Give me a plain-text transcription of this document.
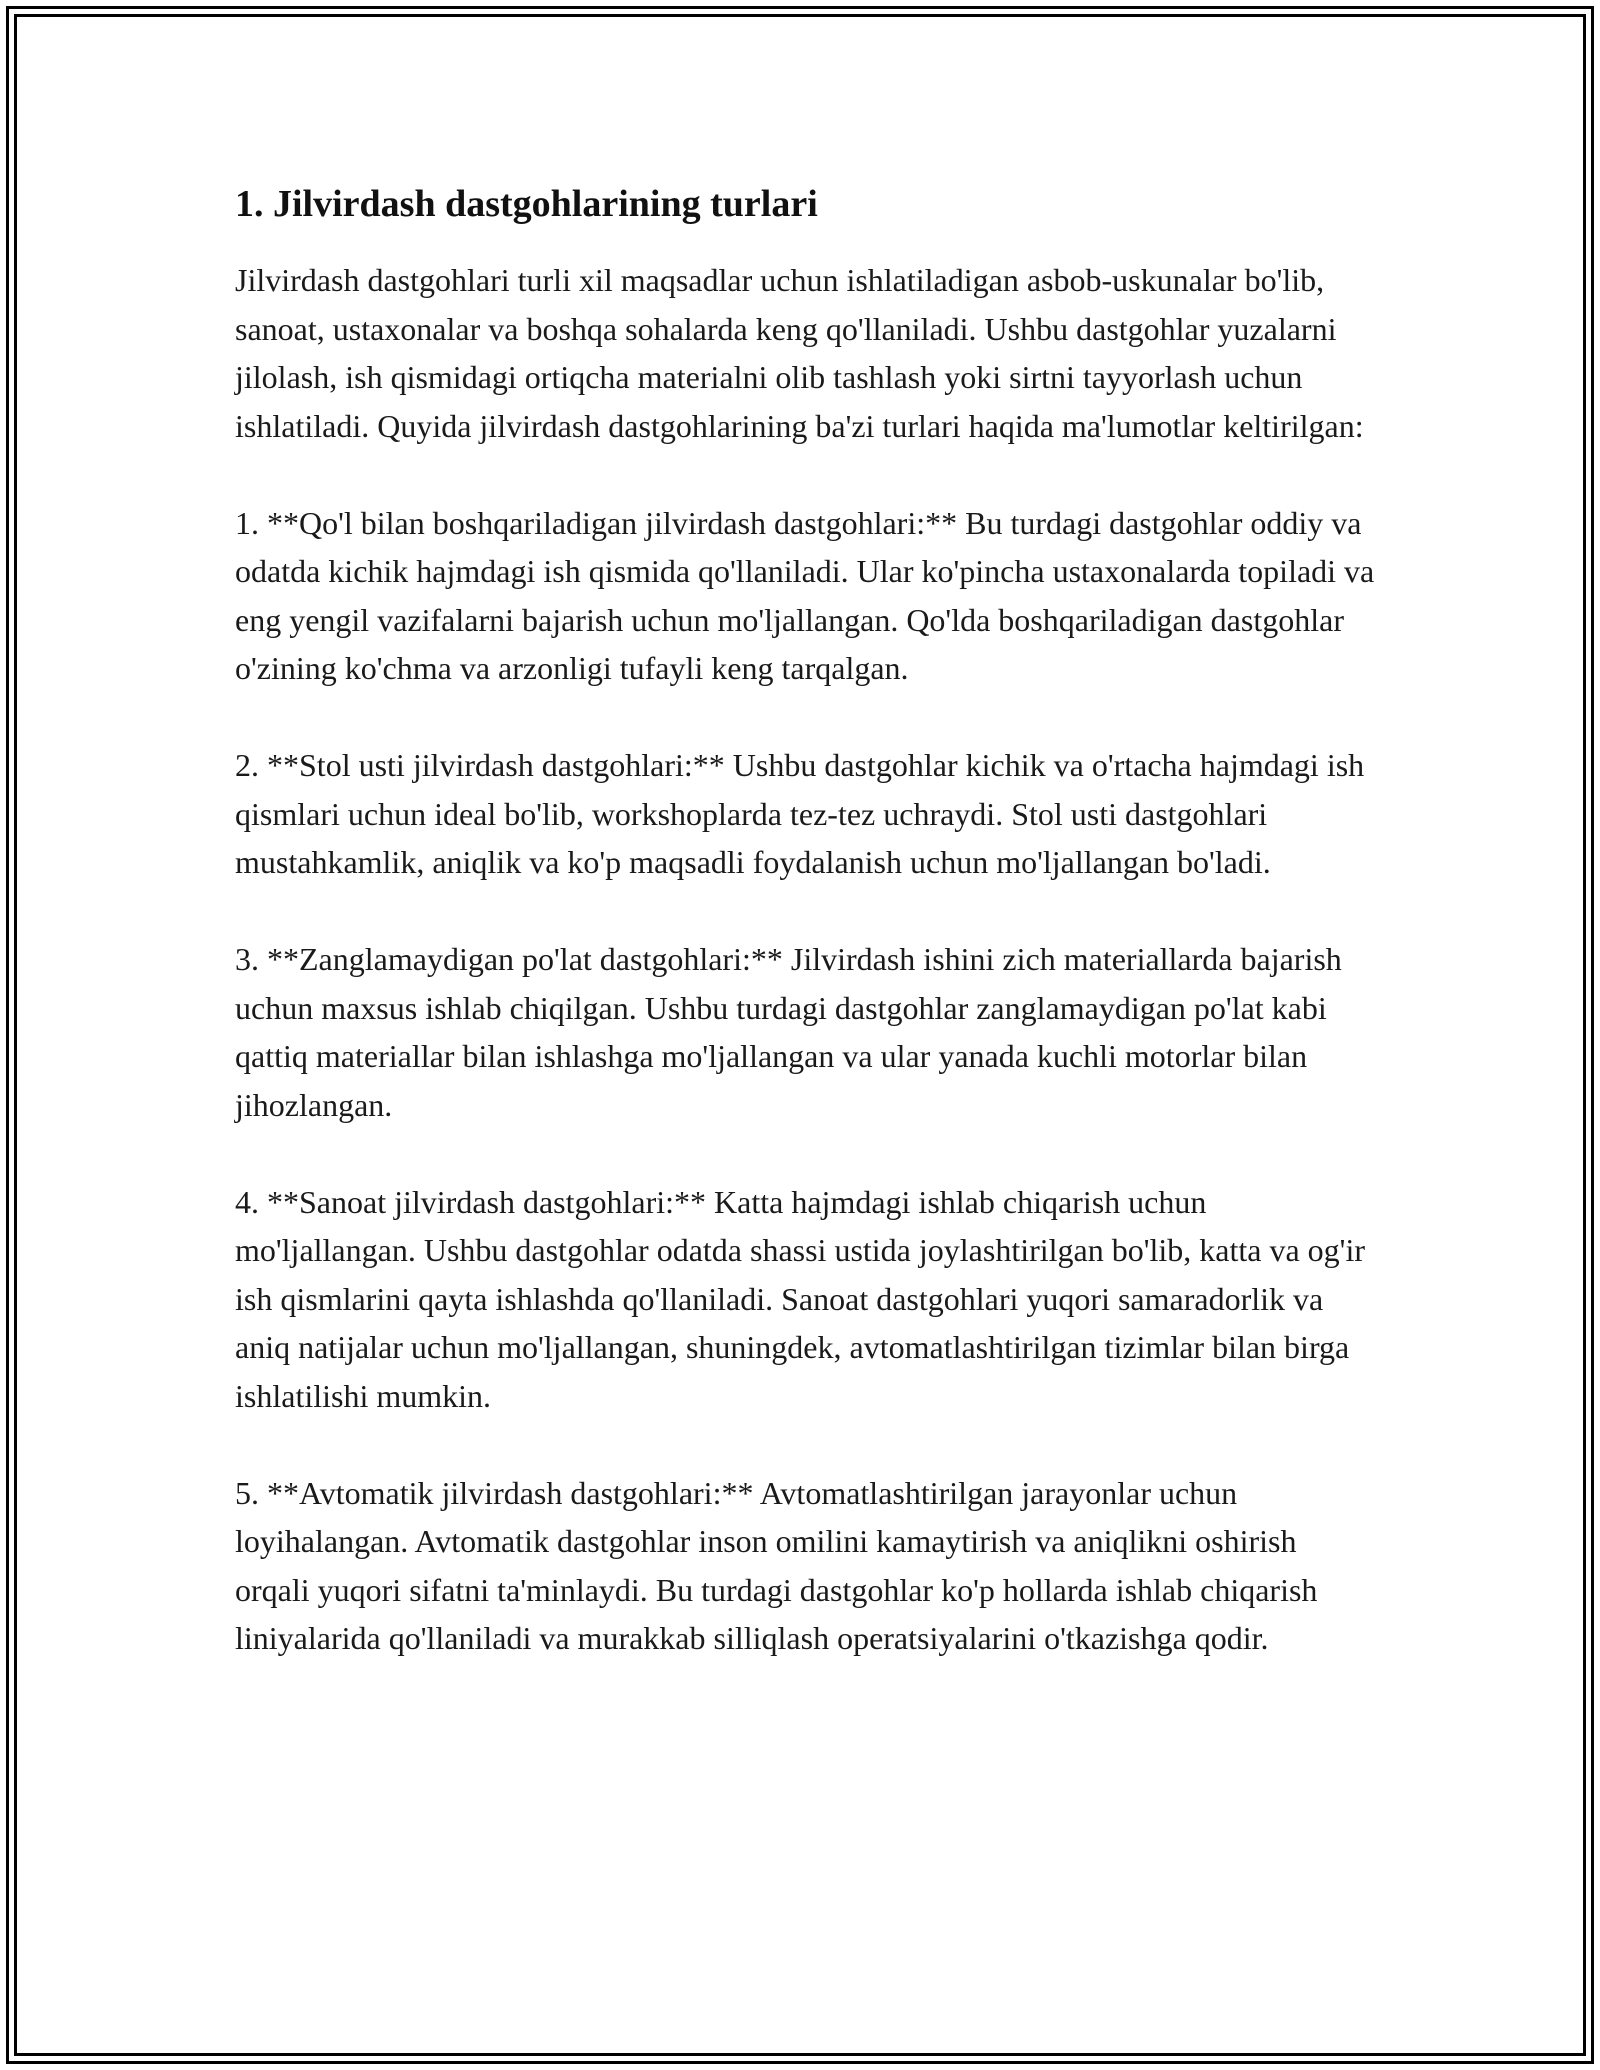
1. Jilvirdash dastgohlarining turlari

Jilvirdash dastgohlari turli xil maqsadlar uchun ishlatiladigan asbob-uskunalar bo'lib, sanoat, ustaxonalar va boshqa sohalarda keng qo'llaniladi. Ushbu dastgohlar yuzalarni jilolash, ish qismidagi ortiqcha materialni olib tashlash yoki sirtni tayyorlash uchun ishlatiladi. Quyida jilvirdash dastgohlarining ba'zi turlari haqida ma'lumotlar keltirilgan:

1. **Qo'l bilan boshqariladigan jilvirdash dastgohlari:** Bu turdagi dastgohlar oddiy va odatda kichik hajmdagi ish qismida qo'llaniladi. Ular ko'pincha ustaxonalarda topiladi va eng yengil vazifalarni bajarish uchun mo'ljallangan. Qo'lda boshqariladigan dastgohlar o'zining ko'chma va arzonligi tufayli keng tarqalgan.

2. **Stol usti jilvirdash dastgohlari:** Ushbu dastgohlar kichik va o'rtacha hajmdagi ish qismlari uchun ideal bo'lib, workshoplarda tez-tez uchraydi. Stol usti dastgohlari mustahkamlik, aniqlik va ko'p maqsadli foydalanish uchun mo'ljallangan bo'ladi.

3. **Zanglamaydigan po'lat dastgohlari:** Jilvirdash ishini zich materiallarda bajarish uchun maxsus ishlab chiqilgan. Ushbu turdagi dastgohlar zanglamaydigan po'lat kabi qattiq materiallar bilan ishlashga mo'ljallangan va ular yanada kuchli motorlar bilan jihozlangan.

4. **Sanoat jilvirdash dastgohlari:** Katta hajmdagi ishlab chiqarish uchun mo'ljallangan. Ushbu dastgohlar odatda shassi ustida joylashtirilgan bo'lib, katta va og'ir ish qismlarini qayta ishlashda qo'llaniladi. Sanoat dastgohlari yuqori samaradorlik va aniq natijalar uchun mo'ljallangan, shuningdek, avtomatlashtirilgan tizimlar bilan birga ishlatilishi mumkin.

5. **Avtomatik jilvirdash dastgohlari:** Avtomatlashtirilgan jarayonlar uchun loyihalangan. Avtomatik dastgohlar inson omilini kamaytirish va aniqlikni oshirish orqali yuqori sifatni ta'minlaydi. Bu turdagi dastgohlar ko'p hollarda ishlab chiqarish liniyalarida qo'llaniladi va murakkab silliqlash operatsiyalarini o'tkazishga qodir.
